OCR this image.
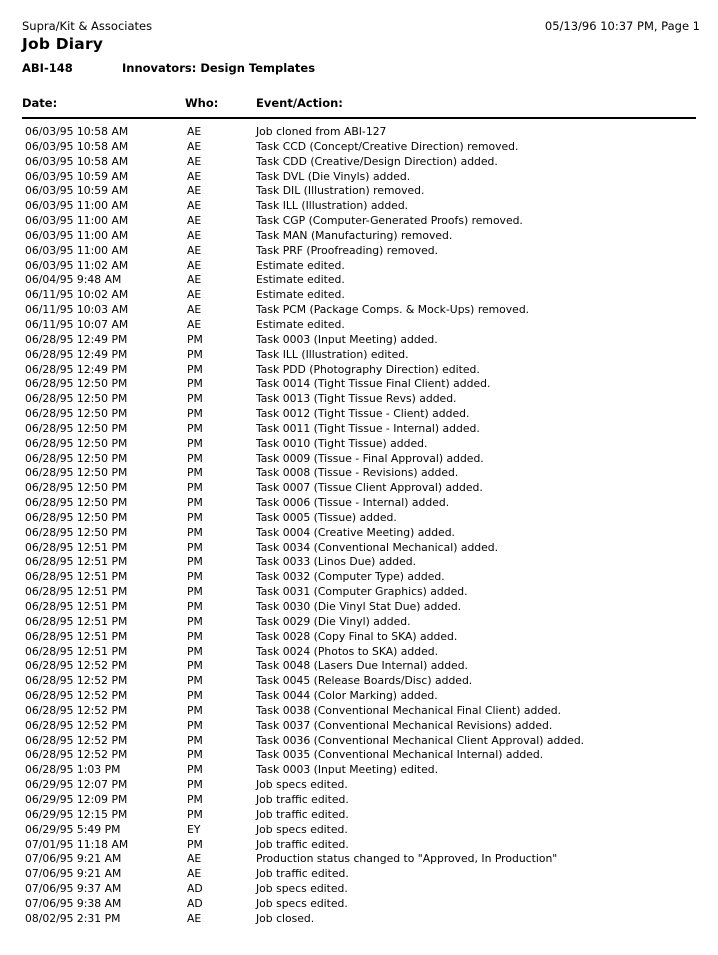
Supra/Kit & Associates	05/13/96 10:37 PM, Page 1
Job Diary
ABI-148	Innovators: Design Templates
Date:	Who:	Event/Action:
06/03/95 10:58 AM	AE	Job cloned from ABI-127
06/03/95 10:58 AM	AE	Task CCD (Concept/Creative Direction) removed.
06/03/95 10:58 AM	AE	Task CDD (Creative/Design Direction) added.
06/03/95 10:59 AM	AE	Task DVL (Die Vinyls) added.
06/03/95 10:59 AM	AE	Task DIL (Illustration) removed.
06/03/95 11:00 AM	AE	Task ILL (Illustration) added.
06/03/95 11:00 AM	AE	Task CGP (Computer-Generated Proofs) removed.
06/03/95 11:00 AM	AE	Task MAN (Manufacturing) removed.
06/03/95 11:00 AM	AE	Task PRF (Proofreading) removed.
06/03/95 11:02 AM	AE	Estimate edited.
06/04/95 9:48 AM	AE	Estimate edited.
06/11/95 10:02 AM	AE	Estimate edited.
06/11/95 10:03 AM	AE	Task PCM (Package Comps. & Mock-Ups) removed.
06/11/95 10:07 AM	AE	Estimate edited.
06/28/95 12:49 PM	PM	Task 0003 (Input Meeting) added.
06/28/95 12:49 PM	PM	Task ILL (Illustration) edited.
06/28/95 12:49 PM	PM	Task PDD (Photography Direction) edited.
06/28/95 12:50 PM	PM	Task 0014 (Tight Tissue Final Client) added.
06/28/95 12:50 PM	PM	Task 0013 (Tight Tissue Revs) added.
06/28/95 12:50 PM	PM	Task 0012 (Tight Tissue - Client) added.
06/28/95 12:50 PM	PM	Task 0011 (Tight Tissue - Internal) added.
06/28/95 12:50 PM	PM	Task 0010 (Tight Tissue) added.
06/28/95 12:50 PM	PM	Task 0009 (Tissue - Final Approval) added.
06/28/95 12:50 PM	PM	Task 0008 (Tissue - Revisions) added.
06/28/95 12:50 PM	PM	Task 0007 (Tissue Client Approval) added.
06/28/95 12:50 PM	PM	Task 0006 (Tissue - Internal) added.
06/28/95 12:50 PM	PM	Task 0005 (Tissue) added.
06/28/95 12:50 PM	PM	Task 0004 (Creative Meeting) added.
06/28/95 12:51 PM	PM	Task 0034 (Conventional Mechanical) added.
06/28/95 12:51 PM	PM	Task 0033 (Linos Due) added.
06/28/95 12:51 PM	PM	Task 0032 (Computer Type) added.
06/28/95 12:51 PM	PM	Task 0031 (Computer Graphics) added.
06/28/95 12:51 PM	PM	Task 0030 (Die Vinyl Stat Due) added.
06/28/95 12:51 PM	PM	Task 0029 (Die Vinyl) added.
06/28/95 12:51 PM	PM	Task 0028 (Copy Final to SKA) added.
06/28/95 12:51 PM	PM	Task 0024 (Photos to SKA) added.
06/28/95 12:52 PM	PM	Task 0048 (Lasers Due Internal) added.
06/28/95 12:52 PM	PM	Task 0045 (Release Boards/Disc) added.
06/28/95 12:52 PM	PM	Task 0044 (Color Marking) added.
06/28/95 12:52 PM	PM	Task 0038 (Conventional Mechanical Final Client) added.
06/28/95 12:52 PM	PM	Task 0037 (Conventional Mechanical Revisions) added.
06/28/95 12:52 PM	PM	Task 0036 (Conventional Mechanical Client Approval) added.
06/28/95 12:52 PM	PM	Task 0035 (Conventional Mechanical Internal) added.
06/28/95 1:03 PM	PM	Task 0003 (Input Meeting) edited.
06/29/95 12:07 PM	PM	Job specs edited.
06/29/95 12:09 PM	PM	Job traffic edited.
06/29/95 12:15 PM	PM	Job traffic edited.
06/29/95 5:49 PM	EY	Job specs edited.
07/01/95 11:18 AM	PM	Job traffic edited.
07/06/95 9:21 AM	AE	Production status changed to "Approved, In Production"
07/06/95 9:21 AM	AE	Job traffic edited.
07/06/95 9:37 AM	AD	Job specs edited.
07/06/95 9:38 AM	AD	Job specs edited.
08/02/95 2:31 PM	AE	Job closed.
